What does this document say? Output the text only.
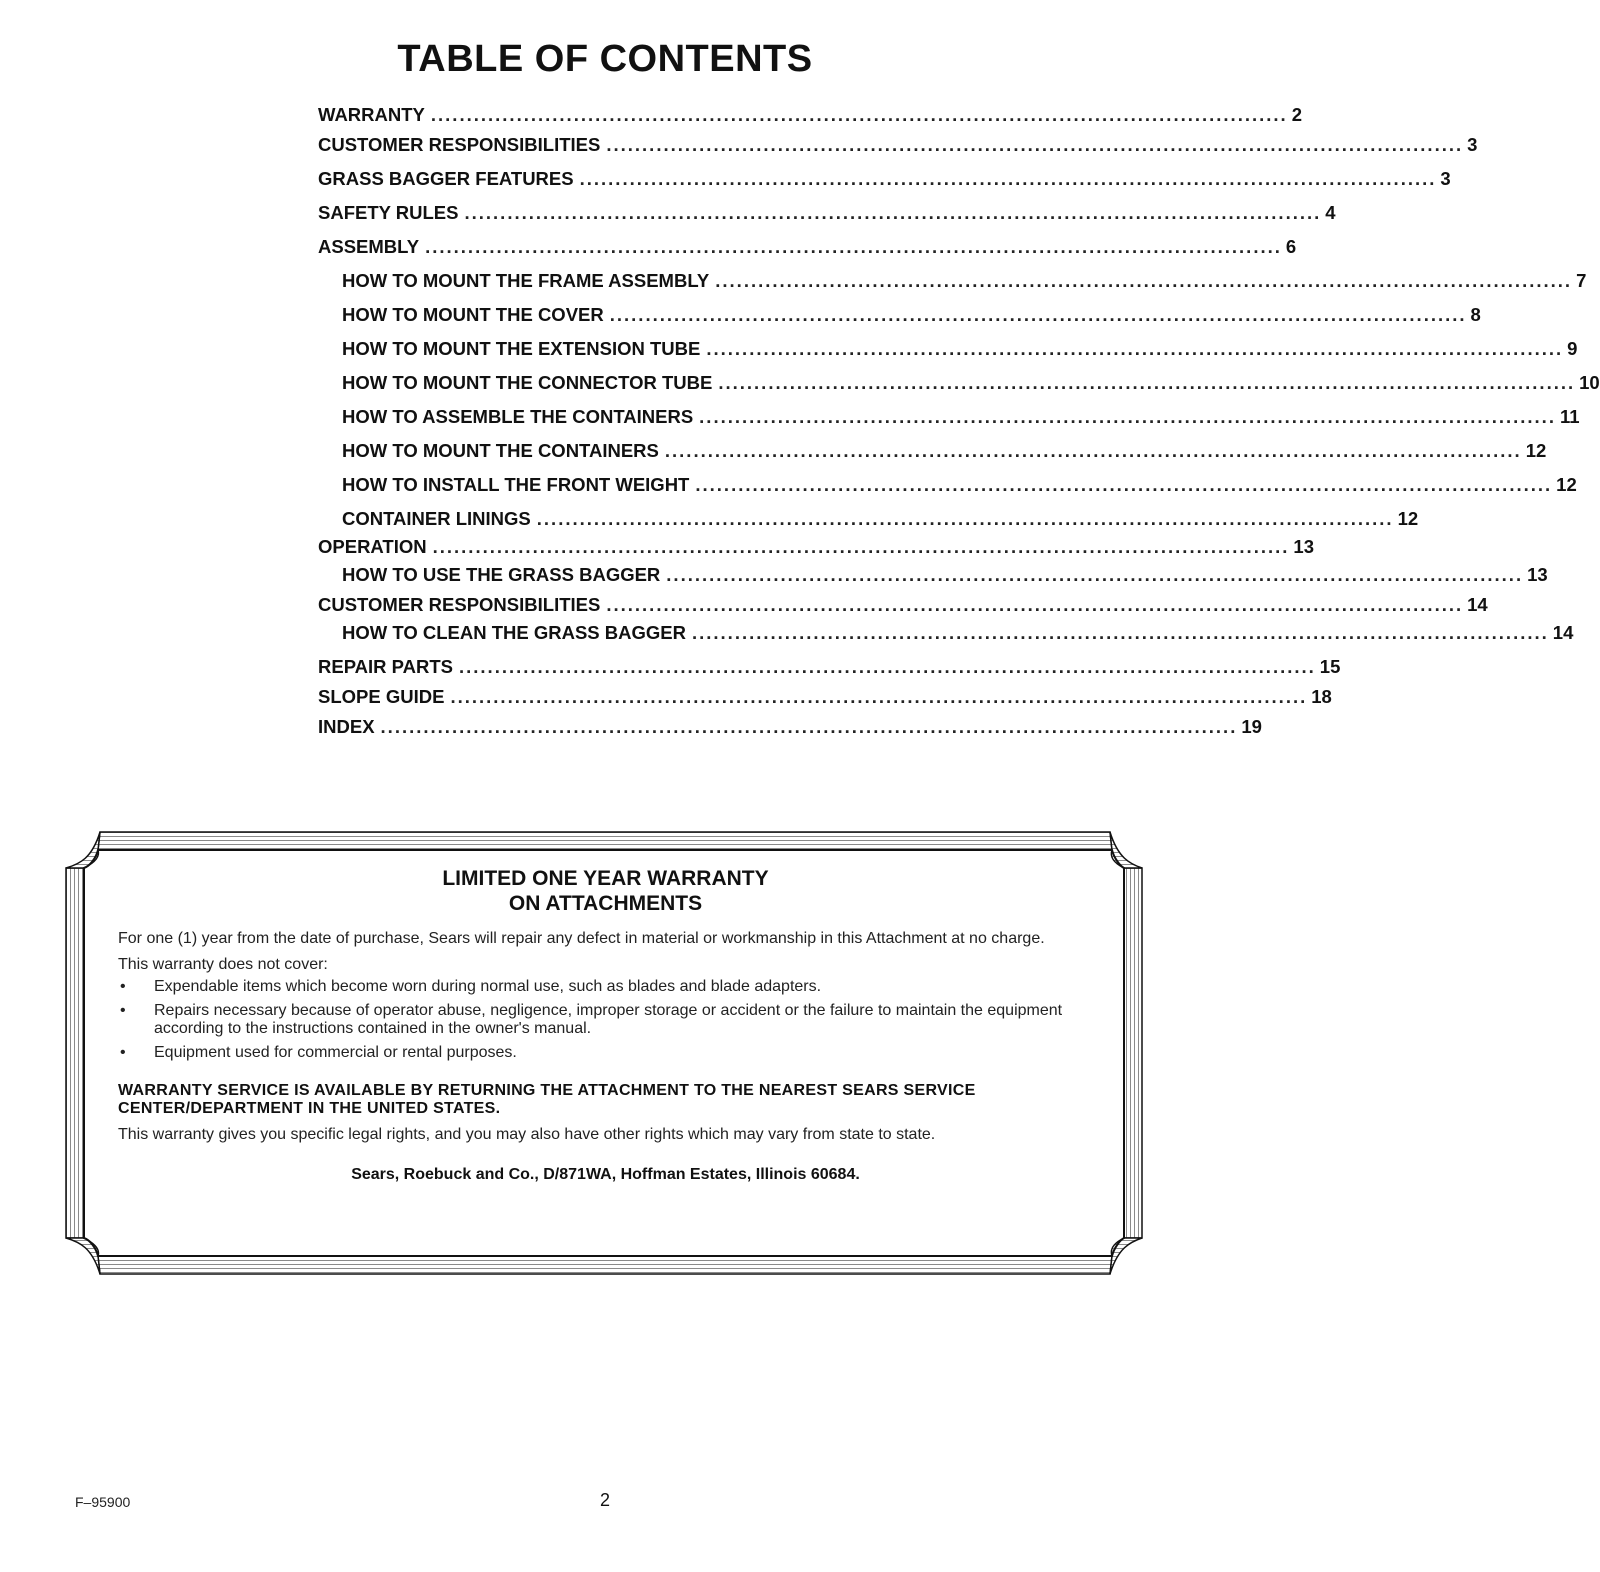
TABLE OF CONTENTS
WARRANTY ........................................................................................................................ 2
CUSTOMER RESPONSIBILITIES ........................................................................................................................ 3
GRASS BAGGER FEATURES ........................................................................................................................ 3
SAFETY RULES ........................................................................................................................ 4
ASSEMBLY ........................................................................................................................ 6
HOW TO MOUNT THE FRAME ASSEMBLY ........................................................................................................................ 7
HOW TO MOUNT THE COVER ........................................................................................................................ 8
HOW TO MOUNT THE EXTENSION TUBE ........................................................................................................................ 9
HOW TO MOUNT THE CONNECTOR TUBE ........................................................................................................................ 10
HOW TO ASSEMBLE THE CONTAINERS ........................................................................................................................ 11
HOW TO MOUNT THE CONTAINERS ........................................................................................................................ 12
HOW TO INSTALL THE FRONT WEIGHT ........................................................................................................................ 12
CONTAINER LININGS ........................................................................................................................ 12
OPERATION ........................................................................................................................ 13
HOW TO USE THE GRASS BAGGER ........................................................................................................................ 13
CUSTOMER RESPONSIBILITIES ........................................................................................................................ 14
HOW TO CLEAN THE GRASS BAGGER ........................................................................................................................ 14
REPAIR PARTS ........................................................................................................................ 15
SLOPE GUIDE ........................................................................................................................ 18
INDEX ........................................................................................................................ 19
LIMITED ONE YEAR WARRANTY
ON ATTACHMENTS

For one (1) year from the date of purchase, Sears will repair any defect in material or workmanship in this Attachment at no charge.

This warranty does not cover:

• Expendable items which become worn during normal use, such as blades and blade adapters.
• Repairs necessary because of operator abuse, negligence, improper storage or accident or the failure to maintain the equipment according to the instructions contained in the owner's manual.
• Equipment used for commercial or rental purposes.
WARRANTY SERVICE IS AVAILABLE BY RETURNING THE ATTACHMENT TO THE NEAREST SEARS SERVICE CENTER/DEPARTMENT IN THE UNITED STATES.

This warranty gives you specific legal rights, and you may also have other rights which may vary from state to state.

Sears, Roebuck and Co., D/871WA, Hoffman Estates, Illinois 60684.
F–95900	2
